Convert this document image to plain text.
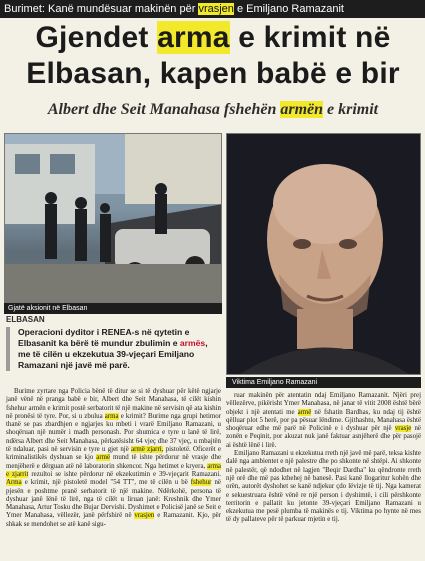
Burimet: Kanë mundësuar makinën për vrasjen e Emiljano Ramazanit
Gjendet arma e krimit në
Elbasan, kapen babë e bir
Albert dhe Seit Manahasa fshehën armën e krimit
Gjatë aksionit në Elbasan
Viktima Emiljano Ramazani
ELBASAN
Operacioni dyditor i RENEA-s në qytetin e Elbasanit ka bërë të mundur zbulimin e armës, me të cilën u ekzekutua 39-vjeçari Emiljano Ramazani një javë më parë.

Burime zyrtare nga Policia bënë të ditur se si të dyshuar për këtë ngjarje janë vënë në pranga babë e bir, Albert dhe Seit Manahasa, të cilët kishin fshehur armën e krimit postë serbatorit të një makine në servisin që ata kishin në pronësi të tyre. Por, si u zbulua arma e krimit? Burime nga grupi hetimor thanë se pas zbardhjen e ngjarjes ku mbeti i vrarë Emiljano Ramazani, u shoqëruan një numër i madh personash. Por shumica e tyre u lanë të lirë, ndërsa Albert dhe Seit Manahasa, përkatësisht 64 vjeç dhe 37 vjeç, u mbajtën të ndaluar, pasi në servisin e tyre u gjet një armë zjarri, pistoletë. Oficerët e kriminalistikës dyshuan se kjo armë mund të ishte përdorur në vrasje dhe menjëherë e dërguan atë në laboratorin shkencor. Nga hetimet e kryera, arma e zjarrit rezultoi se ishte përdorur në ekzekutimin e 39-vjeçarit Ramazani. Arma e krimit, një pistoletë model "54 TT", me të cilën u bë fshehur në pjesën e poshtme pranë serbatorit të një makine. Ndërkohë, persona të dyshuar janë lënë të lirë, nga të cilët u liruan janë: Kreshnik dhe Ymer Manahasa, Artur Tosku dhe Bujar Dervishi. Dyshimet e Policisë janë se Seit e Ymer Manahasa, vëllezër, janë përfshirë në vrasjen e Ramazanit. Kjo, për shkak se mendohet se atë kanë sigu-

ruar makinën për atentatin ndaj Emiljano Ramazanit. Njëri prej vëllezërve, pikërisht Ymer Manahasa, në janar të vitit 2008 është bërë objekt i një atentati me armë në fshatin Bardhas, ku ndaj tij është qëlluar plot 5 herë, por pa pësuar lëndime. Gjithashtu, Manahasa është shoqëruar edhe më parë në Policinë e i dyshuar për një vrasje në zonën e Peqinit, por akuzat nuk janë faktuar asnjëherë dhe për pasojë ai është lënë i lirë.

Emiljano Ramazani u ekzekutua rreth një javë më parë, teksa kishte dalë nga ambientet e një palestre dhe po shkonte në shtëpi. Ai shkonte në palestër, që ndodhet në lagjen "Beqir Dardha" ku qëndronte rreth një orë dhe më pas kthehej në banesë. Pasi kanë llogaritur kohën dhe orën, autorët dyshohet se kanë ndjekur çdo lëvizje të tij. Nga kamerat e sekuestruara është vënë re një person i dyshimtë, i cili përshkonte territorin e pallatit ku jetonte 39-vjeçari Emiljano Ramazani u ekzekutua me pesë plumba të makinës e tij. Viktima po hynte në mes të dy pallateve për të parkuar mjetin e tij.
